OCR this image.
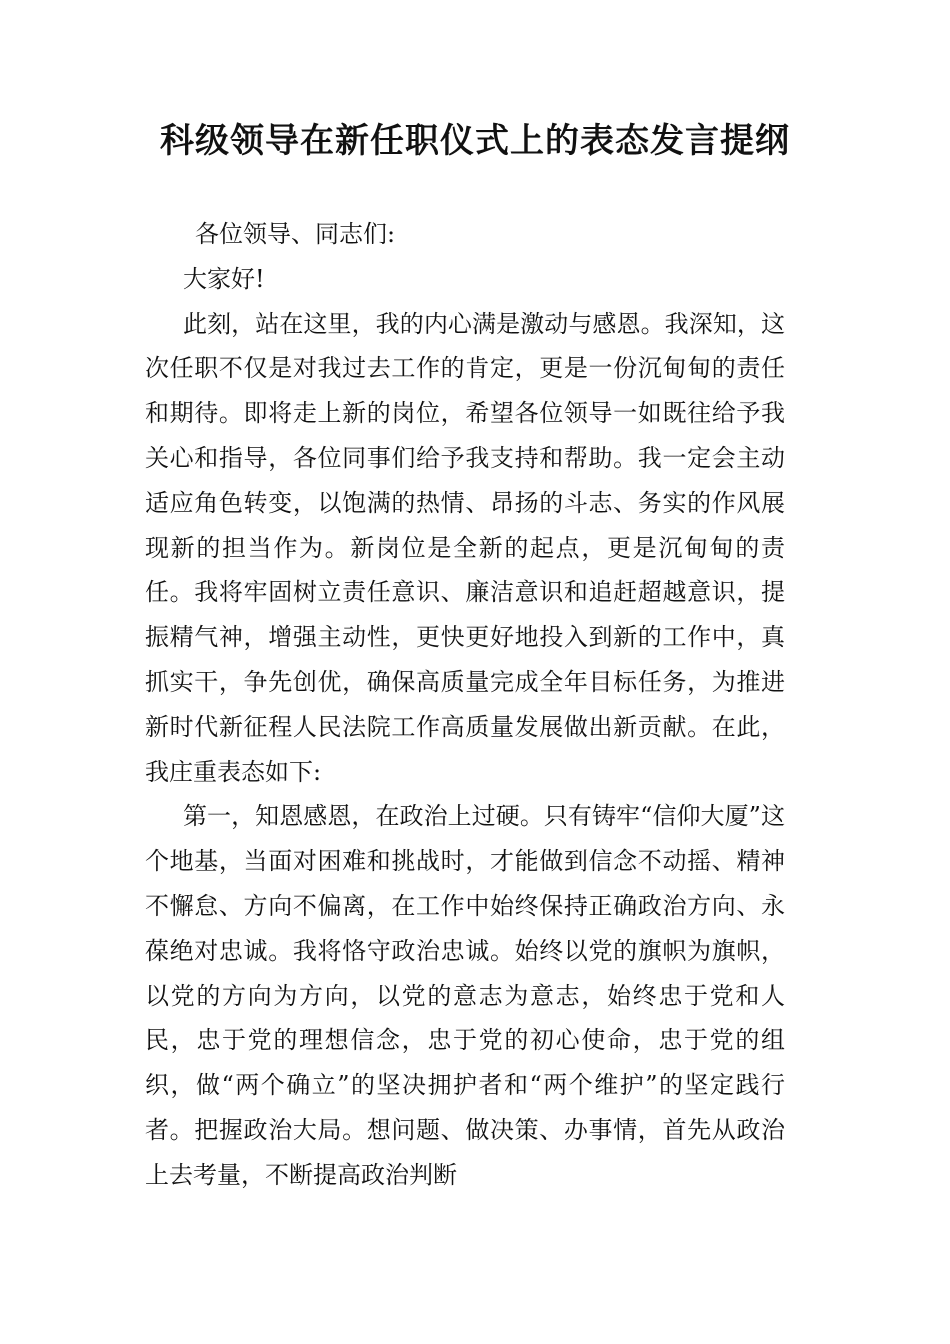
科级领导在新任职仪式上的表态发言提纲

各位领导、同志们:

大家好!

此刻，站在这里，我的内心满是激动与感恩。我深知，这次任职不仅是对我过去工作的肯定，更是一份沉甸甸的责任和期待。即将走上新的岗位，希望各位领导一如既往给予我关心和指导，各位同事们给予我支持和帮助。我一定会主动适应角色转变，以饱满的热情、昂扬的斗志、务实的作风展现新的担当作为。新岗位是全新的起点，更是沉甸甸的责任。我将牢固树立责任意识、廉洁意识和追赶超越意识，提振精气神，增强主动性，更快更好地投入到新的工作中，真抓实干，争先创优，确保高质量完成全年目标任务，为推进新时代新征程人民法院工作高质量发展做出新贡献。在此，我庄重表态如下:

第一，知恩感恩，在政治上过硬。只有铸牢“信仰大厦”这个地基，当面对困难和挑战时，才能做到信念不动摇、精神不懈怠、方向不偏离，在工作中始终保持正确政治方向、永葆绝对忠诚。我将恪守政治忠诚。始终以党的旗帜为旗帜，以党的方向为方向，以党的意志为意志，始终忠于党和人民，忠于党的理想信念，忠于党的初心使命，忠于党的组织，做“两个确立”的坚决拥护者和“两个维护”的坚定践行者。把握政治大局。想问题、做决策、办事情，首先从政治上去考量，不断提高政治判断
